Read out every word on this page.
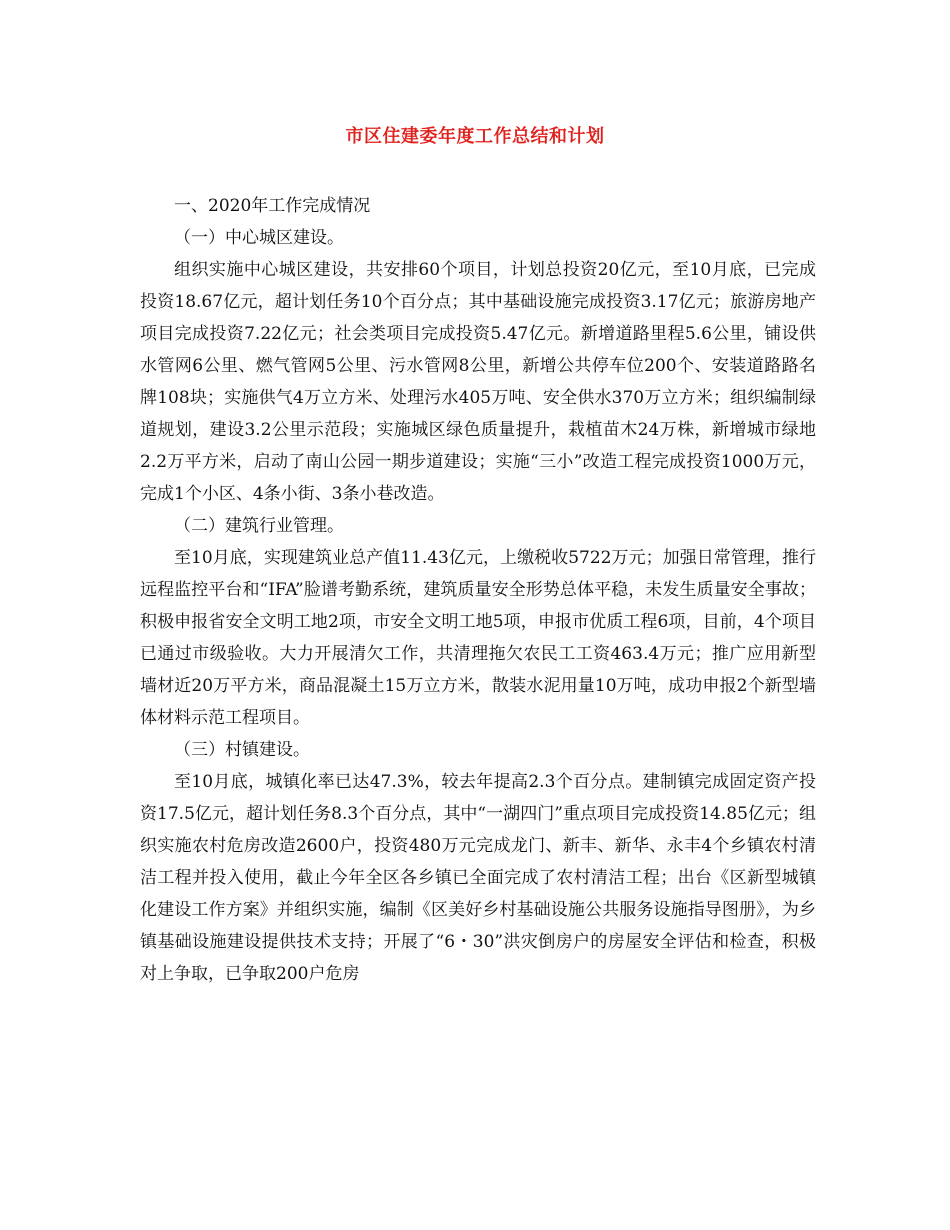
市区住建委年度工作总结和计划

一、2020年工作完成情况

（一）中心城区建设。

组织实施中心城区建设，共安排60个项目，计划总投资20亿元，至10月底，已完成投资18.67亿元，超计划任务10个百分点；其中基础设施完成投资3.17亿元；旅游房地产项目完成投资7.22亿元；社会类项目完成投资5.47亿元。新增道路里程5.6公里，铺设供水管网6公里、燃气管网5公里、污水管网8公里，新增公共停车位200个、安装道路路名牌108块；实施供气4万立方米、处理污水405万吨、安全供水370万立方米；组织编制绿道规划，建设3.2公里示范段；实施城区绿色质量提升，栽植苗木24万株，新增城市绿地2.2万平方米，启动了南山公园一期步道建设；实施“三小”改造工程完成投资1000万元，完成1个小区、4条小街、3条小巷改造。

（二）建筑行业管理。

至10月底，实现建筑业总产值11.43亿元，上缴税收5722万元；加强日常管理，推行远程监控平台和“IFA”脸谱考勤系统，建筑质量安全形势总体平稳，未发生质量安全事故；积极申报省安全文明工地2项，市安全文明工地5项，申报市优质工程6项，目前，4个项目已通过市级验收。大力开展清欠工作，共清理拖欠农民工工资463.4万元；推广应用新型墙材近20万平方米，商品混凝土15万立方米，散装水泥用量10万吨，成功申报2个新型墙体材料示范工程项目。

（三）村镇建设。

至10月底，城镇化率已达47.3%，较去年提高2.3个百分点。建制镇完成固定资产投资17.5亿元，超计划任务8.3个百分点，其中“一湖四门”重点项目完成投资14.85亿元；组织实施农村危房改造2600户，投资480万元完成龙门、新丰、新华、永丰4个乡镇农村清洁工程并投入使用，截止今年全区各乡镇已全面完成了农村清洁工程；出台《区新型城镇化建设工作方案》并组织实施，编制《区美好乡村基础设施公共服务设施指导图册》，为乡镇基础设施建设提供技术支持；开展了“6・30”洪灾倒房户的房屋安全评估和检查，积极对上争取，已争取200户危房
